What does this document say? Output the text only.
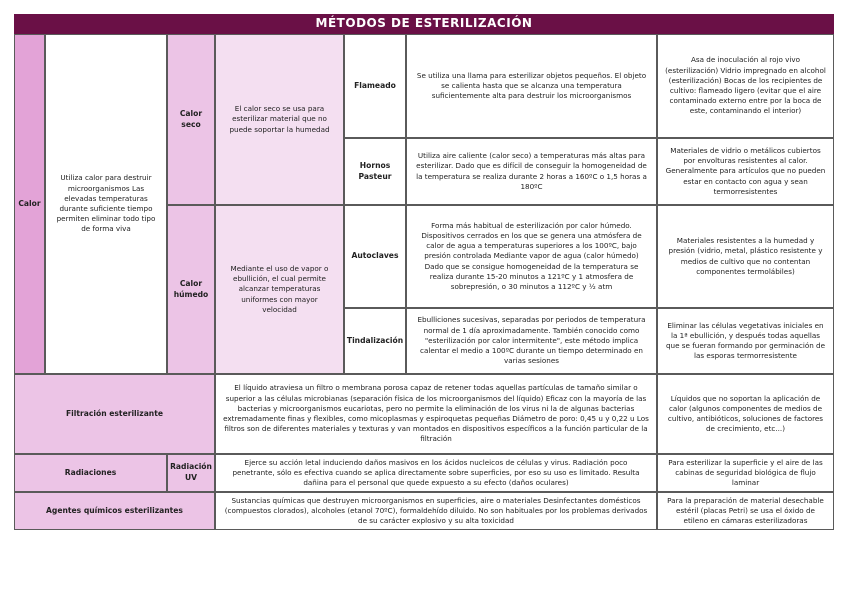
MÉTODOS DE ESTERILIZACIÓN
Calor
Utiliza calor para destruir microorganismos Las elevadas temperaturas durante suficiente tiempo permiten eliminar todo tipo de forma viva
Calor seco
El calor seco se usa para esterilizar material que no puede soportar la humedad
Flameado
Se utiliza una llama para esterilizar objetos pequeños. El objeto se calienta hasta que se alcanza una temperatura suficientemente alta para destruir los microorganismos
Asa de inoculación al rojo vivo (esterilización) Vidrio impregnado en alcohol (esterilización) Bocas de los recipientes de cultivo: flameado ligero (evitar que el aire contaminado externo entre por la boca de este, contaminando el interior)
Hornos Pasteur
Utiliza aire caliente (calor seco) a temperaturas más altas para esterilizar. Dado que es difícil de conseguir la homogeneidad de la temperatura se realiza durante 2 horas a 160ºC o 1,5 horas a 180ºC
Materiales de vidrio o metálicos cubiertos por envolturas resistentes al calor. Generalmente para artículos que no pueden estar en contacto con agua y sean termorresistentes
Calor húmedo
Mediante el uso de vapor o ebullición, el cual permite alcanzar temperaturas uniformes con mayor velocidad
Autoclaves
Forma más habitual de esterilización por calor húmedo. Dispositivos cerrados en los que se genera una atmósfera de calor de agua a temperaturas superiores a los 100ºC, bajo presión controlada Mediante vapor de agua (calor húmedo) Dado que se consigue homogeneidad de la temperatura se realiza durante 15-20 minutos a 121ºC y 1 atmosfera de sobrepresión, o 30 minutos a 112ºC y ½ atm
Materiales resistentes a la humedad y presión (vidrio, metal, plástico resistente y medios de cultivo que no contentan componentes termolábiles)
Tindalización
Ebulliciones sucesivas, separadas por periodos de temperatura normal de 1 día aproximadamente. También conocido como "esterilización por calor intermitente", este método implica calentar el medio a 100ºC durante un tiempo determinado en varias sesiones
Eliminar las células vegetativas iniciales en la 1ª ebullición, y después todas aquellas que se fueran formando por germinación de las esporas termorresistente
Filtración esterilizante
El líquido atraviesa un filtro o membrana porosa capaz de retener todas aquellas partículas de tamaño similar o superior a las células microbianas (separación física de los microorganismos del líquido) Eficaz con la mayoría de las bacterias y microorganismos eucariotas, pero no permite la eliminación de los virus ni la de algunas bacterias extremadamente finas y flexibles, como micoplasmas y espiroquetas pequeñas Diámetro de poro: 0,45 u y 0,22 u Los filtros son de diferentes materiales y texturas y van montados en dispositivos específicos a la función particular de la filtración
Líquidos que no soportan la aplicación de calor (algunos componentes de medios de cultivo, antibióticos, soluciones de factores de crecimiento, etc...)
Radiaciones
Radiación UV
Ejerce su acción letal induciendo daños masivos en los ácidos nucleicos de células y virus. Radiación poco penetrante, sólo es efectiva cuando se aplica directamente sobre superficies, por eso su uso es limitado. Resulta dañina para el personal que quede expuesto a su efecto (daños oculares)
Para esterilizar la superficie y el aire de las cabinas de seguridad biológica de flujo laminar
Agentes químicos esterilizantes
Sustancias químicas que destruyen microorganismos en superficies, aire o materiales Desinfectantes domésticos (compuestos clorados), alcoholes (etanol 70ºC), formaldehído diluido. No son habituales por los problemas derivados de su carácter explosivo y su alta toxicidad
Para la preparación de material desechable estéril (placas Petri) se usa el óxido de etileno en cámaras esterilizadoras
